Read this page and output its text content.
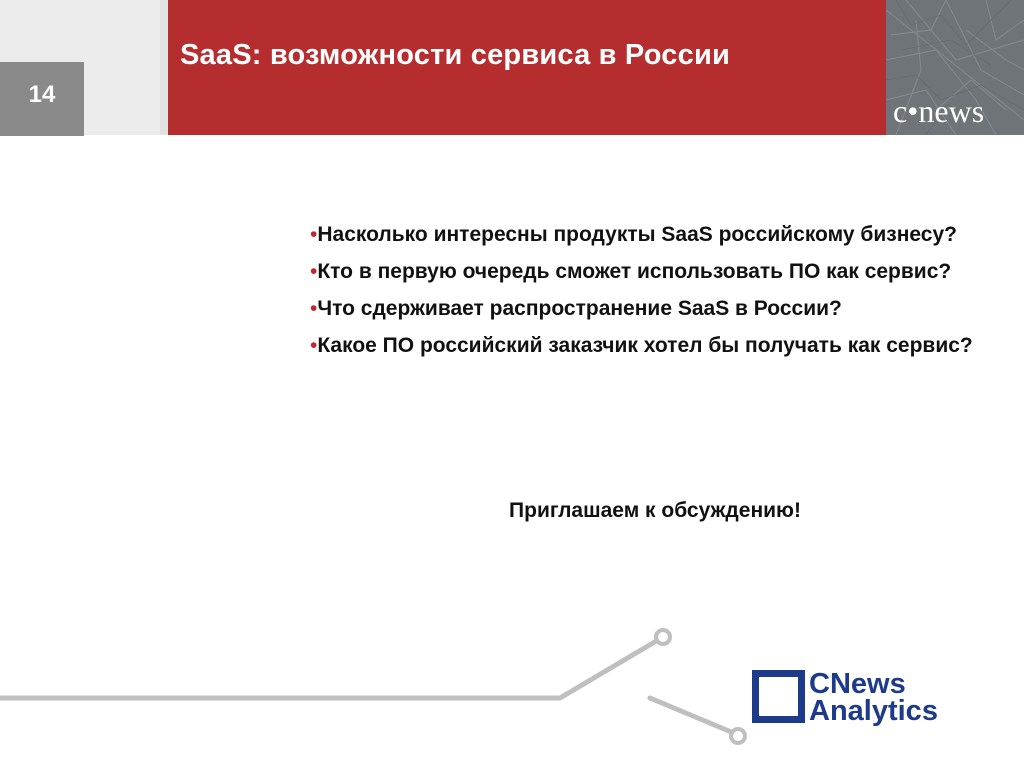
SaaS: возможности сервиса в России
14	c•news
•Насколько интересны продукты SaaS российскому бизнесу?
•Кто в первую очередь сможет использовать ПО как сервис?
•Что сдерживает распространение SaaS в России?
•Какое ПО российский заказчик хотел бы получать как сервис?
Приглашаем к обсуждению!
CNews
Analytics
